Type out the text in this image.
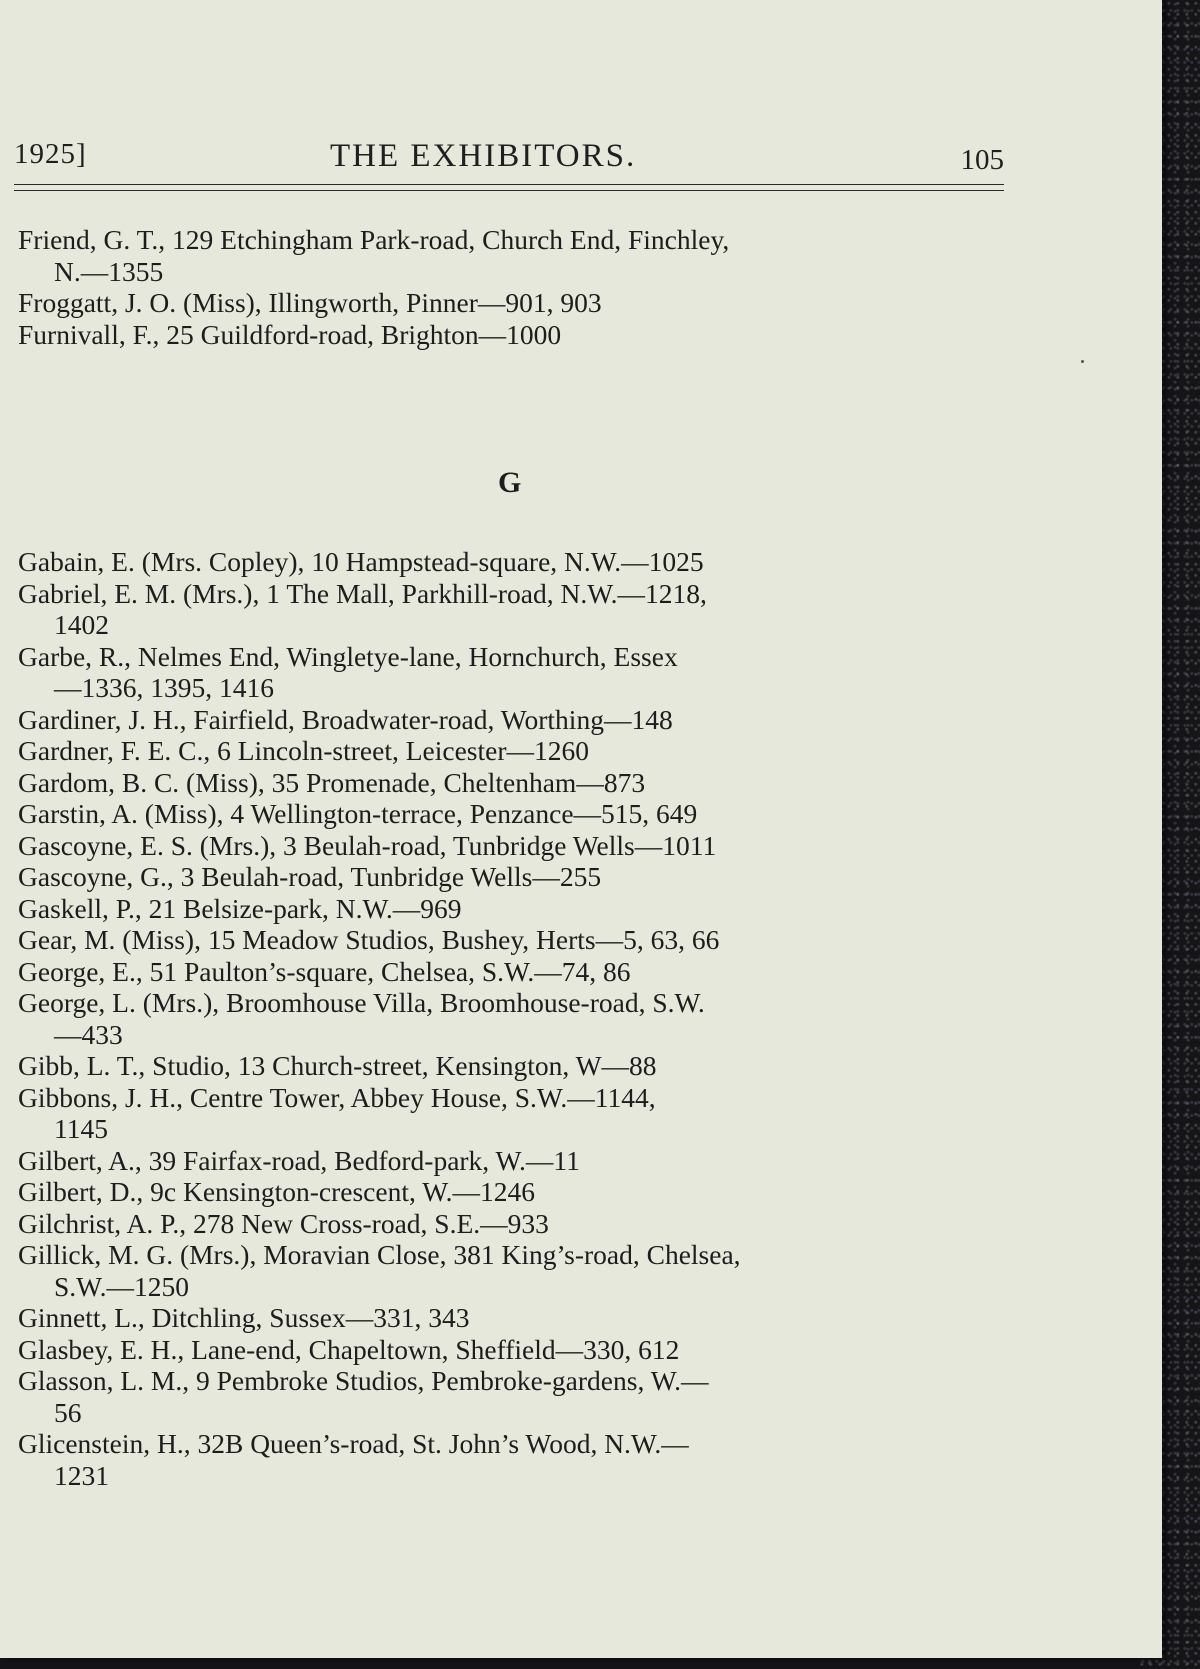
1925]	THE EXHIBITORS.	105

Friend, G. T., 129 Etchingham Park-road, Church End, Finchley,
N.—1355

Froggatt, J. O. (Miss), Illingworth, Pinner—901, 903

Furnivall, F., 25 Guildford-road, Brighton—1000

G

Gabain, E. (Mrs. Copley), 10 Hampstead-square, N.W.—1025

Gabriel, E. M. (Mrs.), 1 The Mall, Parkhill-road, N.W.—1218,
1402

Garbe, R., Nelmes End, Wingletye-lane, Hornchurch, Essex
—1336, 1395, 1416

Gardiner, J. H., Fairfield, Broadwater-road, Worthing—148

Gardner, F. E. C., 6 Lincoln-street, Leicester—1260

Gardom, B. C. (Miss), 35 Promenade, Cheltenham—873

Garstin, A. (Miss), 4 Wellington-terrace, Penzance—515, 649

Gascoyne, E. S. (Mrs.), 3 Beulah-road, Tunbridge Wells—1011

Gascoyne, G., 3 Beulah-road, Tunbridge Wells—255

Gaskell, P., 21 Belsize-park, N.W.—969

Gear, M. (Miss), 15 Meadow Studios, Bushey, Herts—5, 63, 66

George, E., 51 Paulton’s-square, Chelsea, S.W.—74, 86

George, L. (Mrs.), Broomhouse Villa, Broomhouse-road, S.W.
—433

Gibb, L. T., Studio, 13 Church-street, Kensington, W—88

Gibbons, J. H., Centre Tower, Abbey House, S.W.—1144,
1145

Gilbert, A., 39 Fairfax-road, Bedford-park, W.—11

Gilbert, D., 9c Kensington-crescent, W.—1246

Gilchrist, A. P., 278 New Cross-road, S.E.—933

Gillick, M. G. (Mrs.), Moravian Close, 381 King’s-road, Chelsea,
S.W.—1250

Ginnett, L., Ditchling, Sussex—331, 343

Glasbey, E. H., Lane-end, Chapeltown, Sheffield—330, 612

Glasson, L. M., 9 Pembroke Studios, Pembroke-gardens, W.—
56

Glicenstein, H., 32B Queen’s-road, St. John’s Wood, N.W.—
1231
